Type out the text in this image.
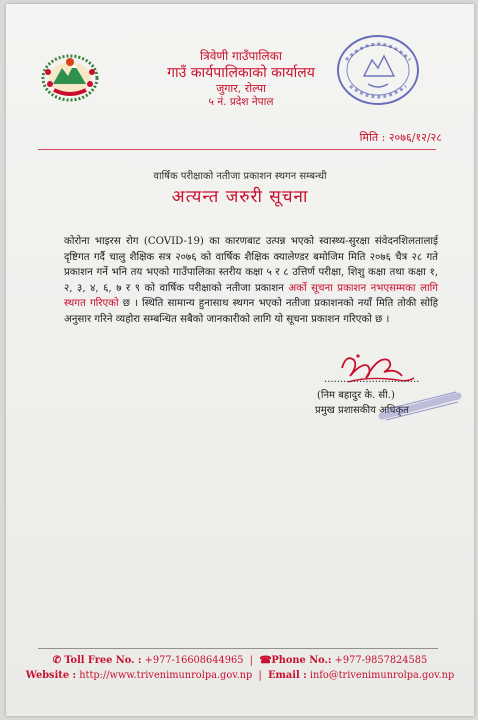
त्रिवेणी गाउँपालिका
गाउँ कार्यपालिकाको कार्यालय
जुगार, रोल्पा
५ नं. प्रदेश नेपाल
मिति : २०७६/१२/२८
वार्षिक परीक्षाको नतीजा प्रकाशन स्थगन सम्बन्धी
अत्यन्त जरुरी सूचना
कोरोना भाइरस रोग (COVID-19) का कारणबाट उत्पन्न भएको स्वास्थ्य-सुरक्षा संवेदनशिलतालाई दृष्टिगत गर्दै चालु शैक्षिक सत्र २०७६ को वार्षिक शैक्षिक क्यालेण्डर बमोजिम मिति २०७६ चैत्र २८ गते प्रकाशन गर्ने भनि तय भएको गाउँपालिका स्तरीय कक्षा ५ र ८ उत्तिर्ण परीक्षा, शिशु कक्षा तथा कक्षा १, २, ३, ४, ६, ७ र ९ को वार्षिक परीक्षाको नतीजा प्रकाशन अर्को सूचना प्रकाशन नभएसम्मका लागि स्थगत गरिएको छ । स्थिति सामान्य हुनासाथ स्थगन भएको नतीजा प्रकाशनको नयाँ मिति तोकी सोहि अनुसार गरिने व्यहोरा सम्बन्धित सबैको जानकारीको लागि यो सूचना प्रकाशन गरिएको छ ।
..............................
(निम बहादुर के. सी.)
प्रमुख प्रशासकीय अधिकृत
✆ Toll Free No. : +977-16608644965  |  ☎Phone No.: +977-9857824585
Website : http://www.trivenimunrolpa.gov.np  |  Email : info@trivenimunrolpa.gov.np
